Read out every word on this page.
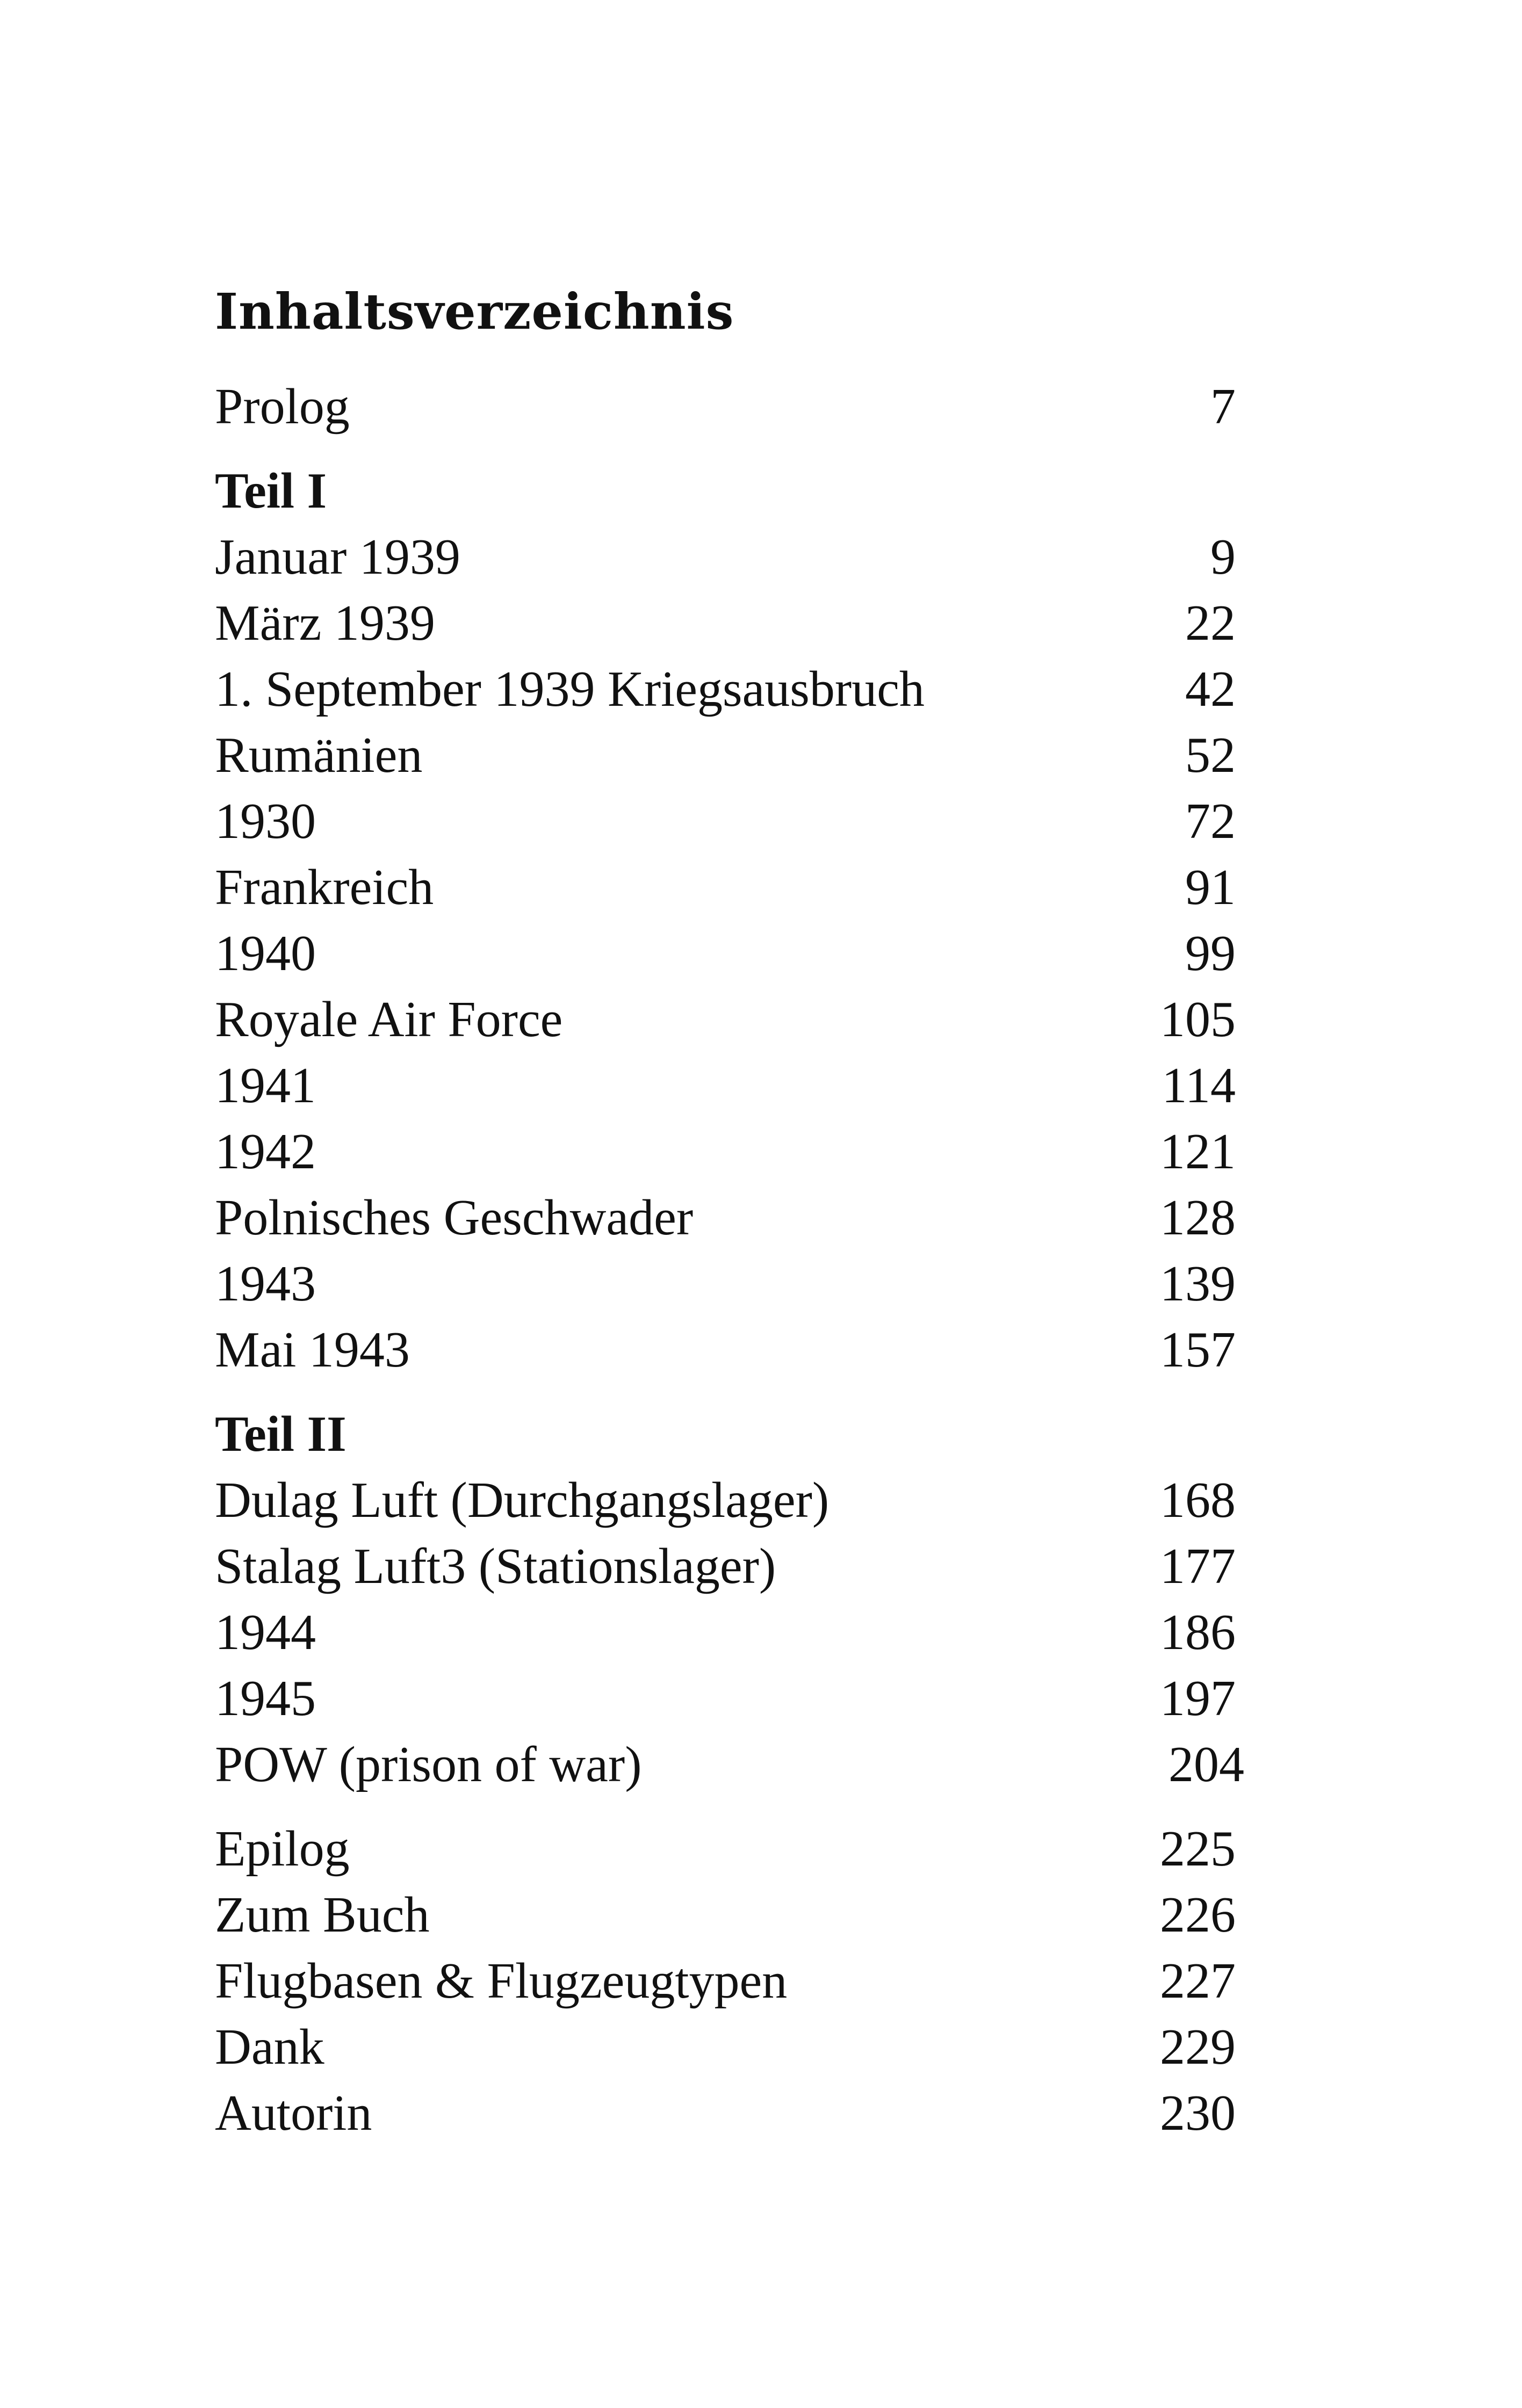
Inhaltsverzeichnis
Prolog	7
Teil I
Januar 1939	9
März 1939	22
1. September 1939 Kriegsausbruch	42
Rumänien	52
1930	72
Frankreich	91
1940	99
Royale Air Force	105
1941	114
1942	121
Polnisches Geschwader	128
1943	139
Mai 1943	157
Teil II
Dulag Luft (Durchgangslager)	168
Stalag Luft3 (Stationslager)	177
1944	186
1945	197
POW (prison of war)	204
Epilog	225
Zum Buch	226
Flugbasen & Flugzeugtypen	227
Dank	229
Autorin	230
